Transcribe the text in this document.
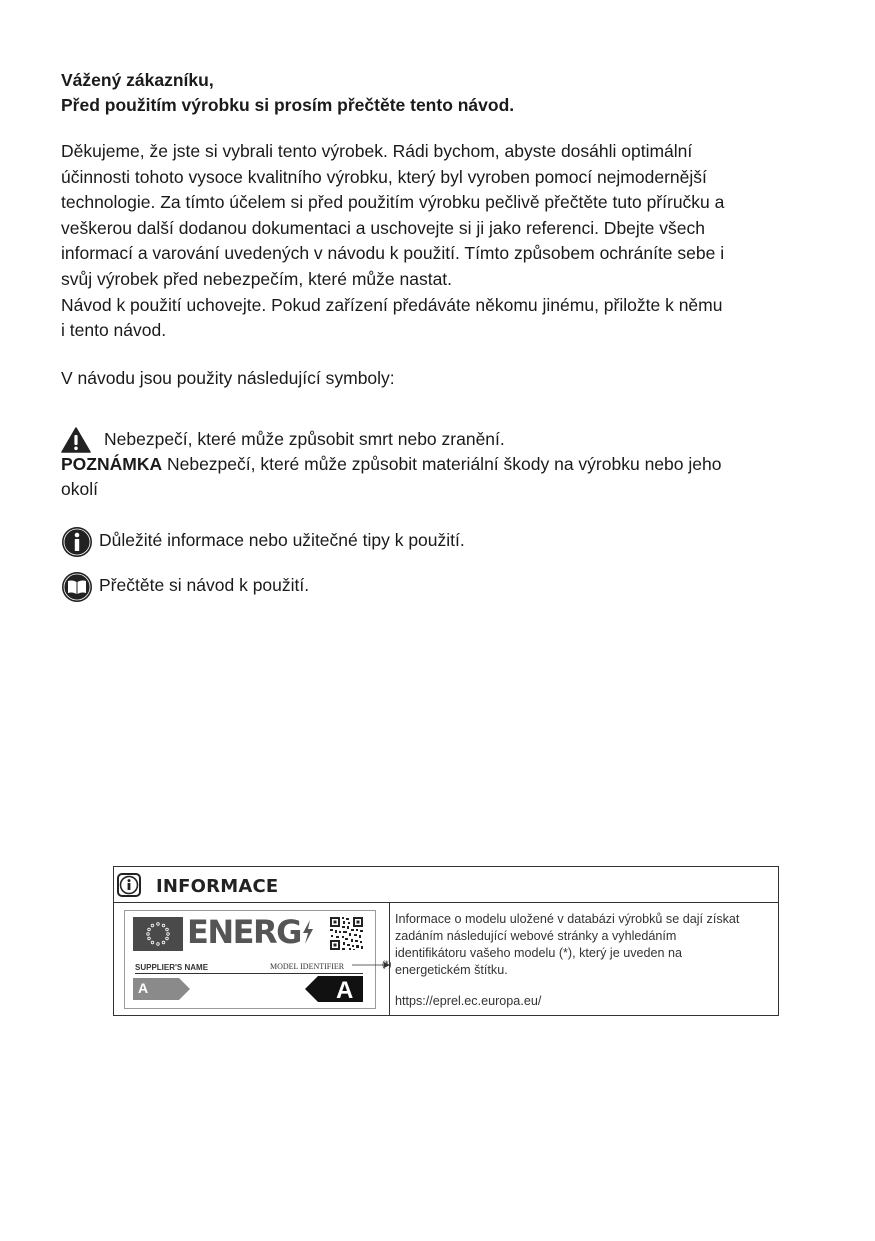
Vážený zákazníku,
Před použitím výrobku si prosím přečtěte tento návod.
Děkujeme, že jste si vybrali tento výrobek. Rádi bychom, abyste dosáhli optimální
účinnosti tohoto vysoce kvalitního výrobku, který byl vyroben pomocí nejmodernější
technologie. Za tímto účelem si před použitím výrobku pečlivě přečtěte tuto příručku a
veškerou další dodanou dokumentaci a uschovejte si ji jako referenci. Dbejte všech
informací a varování uvedených v návodu k použití. Tímto způsobem ochráníte sebe i
svůj výrobek před nebezpečím, které může nastat.
Návod k použití uchovejte. Pokud zařízení předáváte někomu jinému, přiložte k němu
i tento návod.
V návodu jsou použity následující symboly:
Nebezpečí, které může způsobit smrt nebo zranění.
POZNÁMKA Nebezpečí, které může způsobit materiální škody na výrobku nebo jeho
okolí
Důležité informace nebo užitečné tipy k použití.
Přečtěte si návod k použití.
INFORMACE
ENERG
SUPPLIER'S NAME	MODEL IDENTIFIER
A	A
(*)
Informace o modelu uložené v databázi výrobků se dají získat
zadáním následující webové stránky a vyhledáním
identifikátoru vašeho modelu (*), který je uveden na
energetickém štítku.
https://eprel.ec.europa.eu/
